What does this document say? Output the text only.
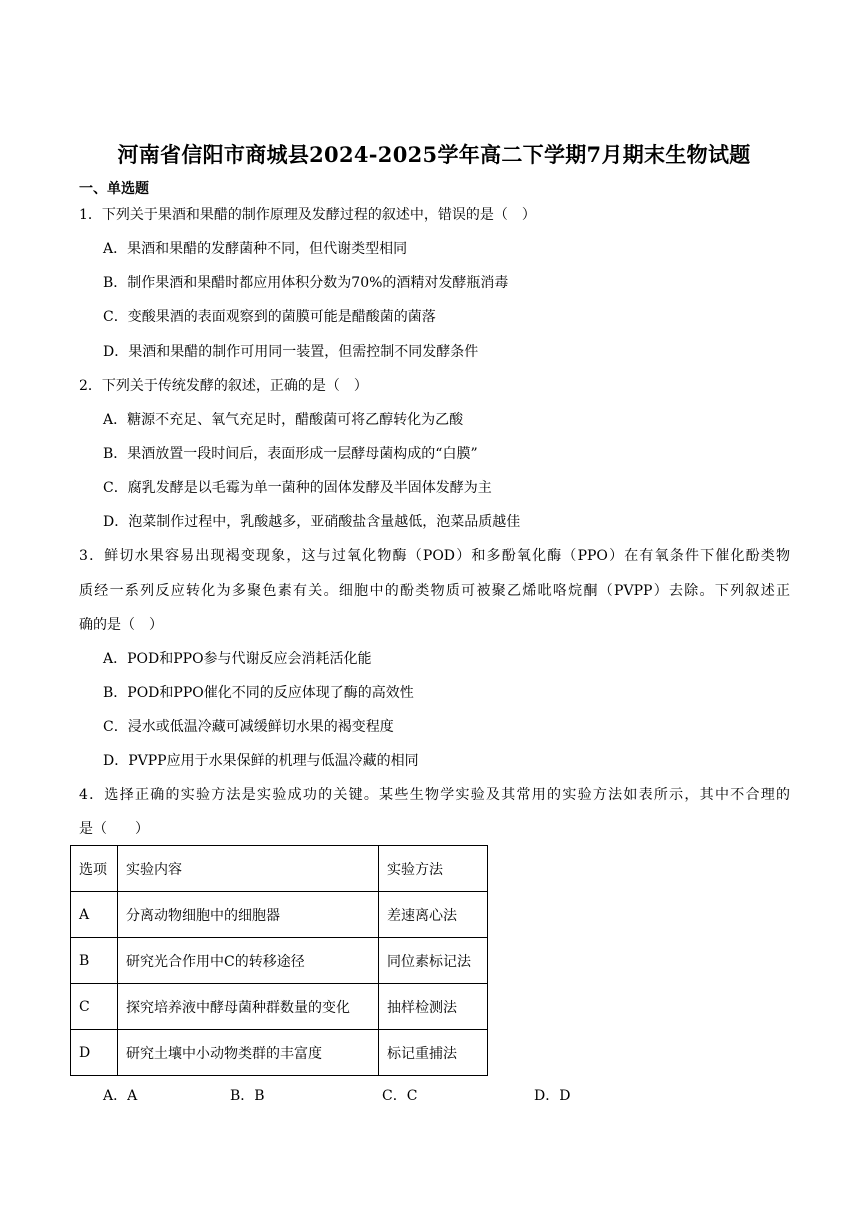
河南省信阳市商城县2024-2025学年高二下学期7月期末生物试题
一、单选题
1．下列关于果酒和果醋的制作原理及发酵过程的叙述中，错误的是（　）
A．果酒和果醋的发酵菌种不同，但代谢类型相同
B．制作果酒和果醋时都应用体积分数为70%的酒精对发酵瓶消毒
C．变酸果酒的表面观察到的菌膜可能是醋酸菌的菌落
D．果酒和果醋的制作可用同一装置，但需控制不同发酵条件
2．下列关于传统发酵的叙述，正确的是（　）
A．糖源不充足、氧气充足时，醋酸菌可将乙醇转化为乙酸
B．果酒放置一段时间后，表面形成一层酵母菌构成的“白膜”
C．腐乳发酵是以毛霉为单一菌种的固体发酵及半固体发酵为主
D．泡菜制作过程中，乳酸越多，亚硝酸盐含量越低，泡菜品质越佳
3．鲜切水果容易出现褐变现象，这与过氧化物酶（POD）和多酚氧化酶（PPO）在有氧条件下催化酚类物
质经一系列反应转化为多聚色素有关。细胞中的酚类物质可被聚乙烯吡咯烷酮（PVPP）去除。下列叙述正
确的是（　）
A．POD和PPO参与代谢反应会消耗活化能
B．POD和PPO催化不同的反应体现了酶的高效性
C．浸水或低温冷藏可减缓鲜切水果的褐变程度
D．PVPP应用于水果保鲜的机理与低温冷藏的相同
4．选择正确的实验方法是实验成功的关键。某些生物学实验及其常用的实验方法如表所示，其中不合理的
是（　　）
选项	实验内容	实验方法
A	分离动物细胞中的细胞器	差速离心法
B	研究光合作用中C的转移途径	同位素标记法
C	探究培养液中酵母菌种群数量的变化	抽样检测法
D	研究土壤中小动物类群的丰富度	标记重捕法
A．A	B．B	C．C	D．D
